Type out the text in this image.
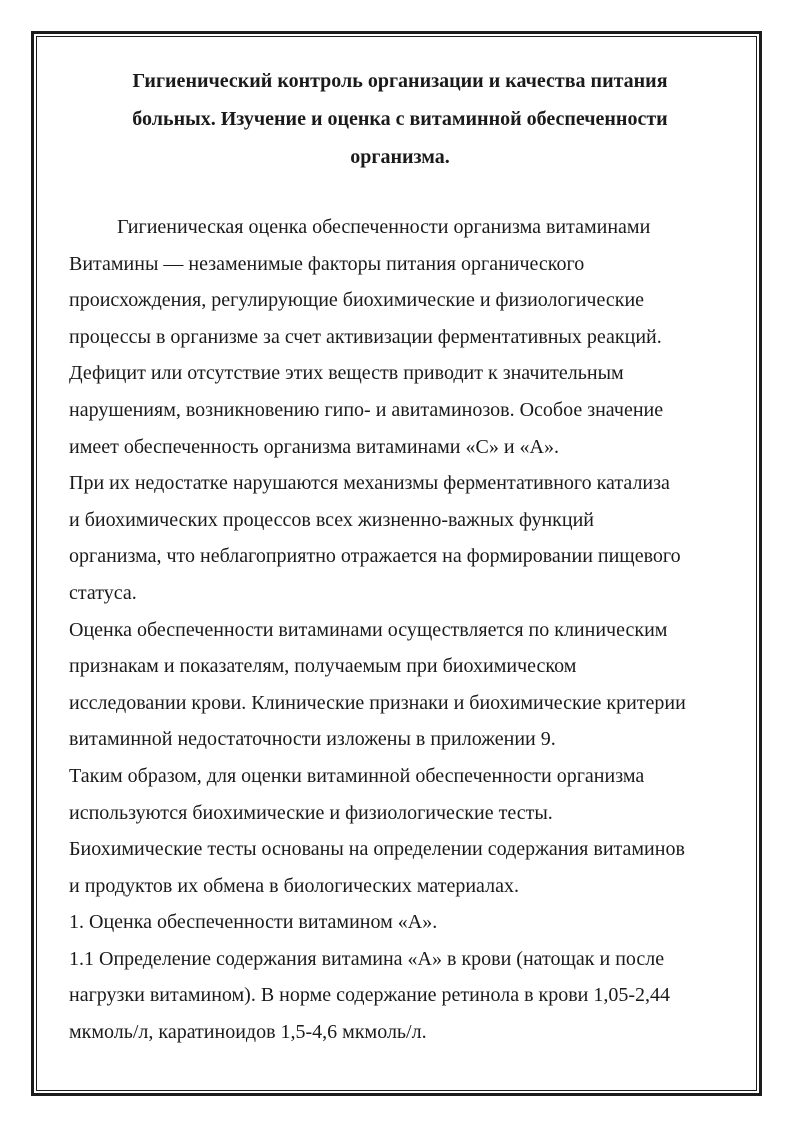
Гигиенический контроль организации и качества питания
больных. Изучение и оценка с витаминной обеспеченности
организма.
Гигиеническая оценка обеспеченности организма витаминами
Витамины — незаменимые факторы питания органического
происхождения, регулирующие биохимические и физиологические
процессы в организме за счет активизации ферментативных реакций.
Дефицит или отсутствие этих веществ приводит к значительным
нарушениям, возникновению гипо- и авитаминозов. Особое значение
имеет обеспеченность организма витаминами «С» и «А».
При их недостатке нарушаются механизмы ферментативного катализа
и биохимических процессов всех жизненно-важных функций
организма, что неблагоприятно отражается на формировании пищевого
статуса.
Оценка обеспеченности витаминами осуществляется по клиническим
признакам и показателям, получаемым при биохимическом
исследовании крови. Клинические признаки и биохимические критерии
витаминной недостаточности изложены в приложении 9.
Таким образом, для оценки витаминной обеспеченности организма
используются биохимические и физиологические тесты.
Биохимические тесты основаны на определении содержания витаминов
и продуктов их обмена в биологических материалах.
1. Оценка обеспеченности витамином «А».
1.1 Определение содержания витамина «А» в крови (натощак и после
нагрузки витамином). В норме содержание ретинола в крови 1,05-2,44
мкмоль/л, каратиноидов 1,5-4,6 мкмоль/л.
